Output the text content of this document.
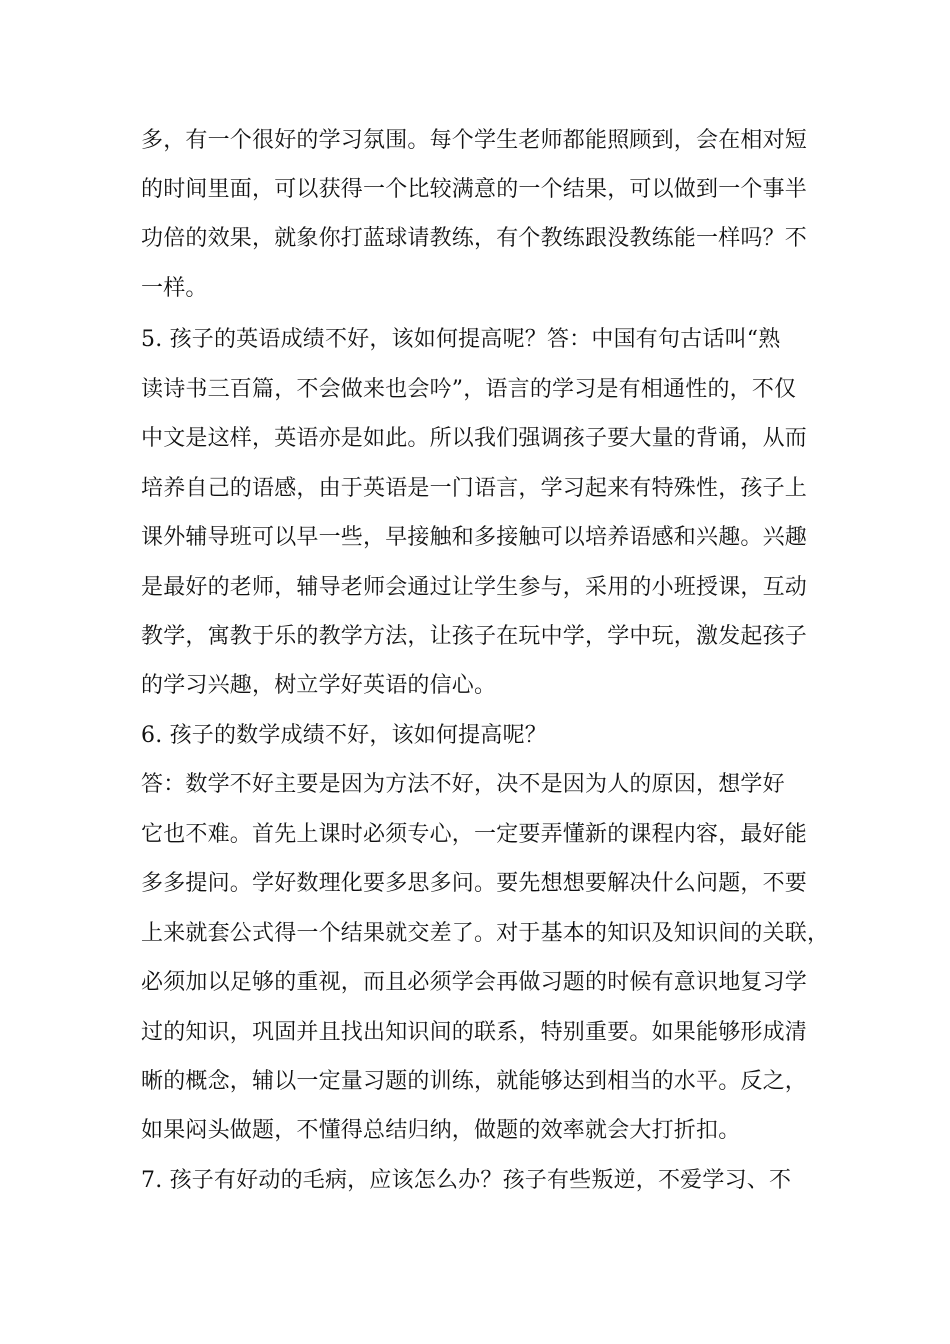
多，有一个很好的学习氛围。每个学生老师都能照顾到，会在相对短
的时间里面，可以获得一个比较满意的一个结果，可以做到一个事半
功倍的效果，就象你打蓝球请教练，有个教练跟没教练能一样吗？不
一样。
5. 孩子的英语成绩不好，该如何提高呢？答：中国有句古话叫“熟
读诗书三百篇，不会做来也会吟”，语言的学习是有相通性的，不仅
中文是这样，英语亦是如此。所以我们强调孩子要大量的背诵，从而
培养自己的语感，由于英语是一门语言，学习起来有特殊性，孩子上
课外辅导班可以早一些，早接触和多接触可以培养语感和兴趣。兴趣
是最好的老师，辅导老师会通过让学生参与，采用的小班授课，互动
教学，寓教于乐的教学方法，让孩子在玩中学，学中玩，激发起孩子
的学习兴趣，树立学好英语的信心。
6. 孩子的数学成绩不好，该如何提高呢？
答：数学不好主要是因为方法不好，决不是因为人的原因，想学好
它也不难。首先上课时必须专心，一定要弄懂新的课程内容，最好能
多多提问。学好数理化要多思多问。要先想想要解决什么问题，不要
上来就套公式得一个结果就交差了。对于基本的知识及知识间的关联，
必须加以足够的重视，而且必须学会再做习题的时候有意识地复习学
过的知识，巩固并且找出知识间的联系，特别重要。如果能够形成清
晰的概念，辅以一定量习题的训练，就能够达到相当的水平。反之，
如果闷头做题，不懂得总结归纳，做题的效率就会大打折扣。
7. 孩子有好动的毛病，应该怎么办？孩子有些叛逆，不爱学习、不
